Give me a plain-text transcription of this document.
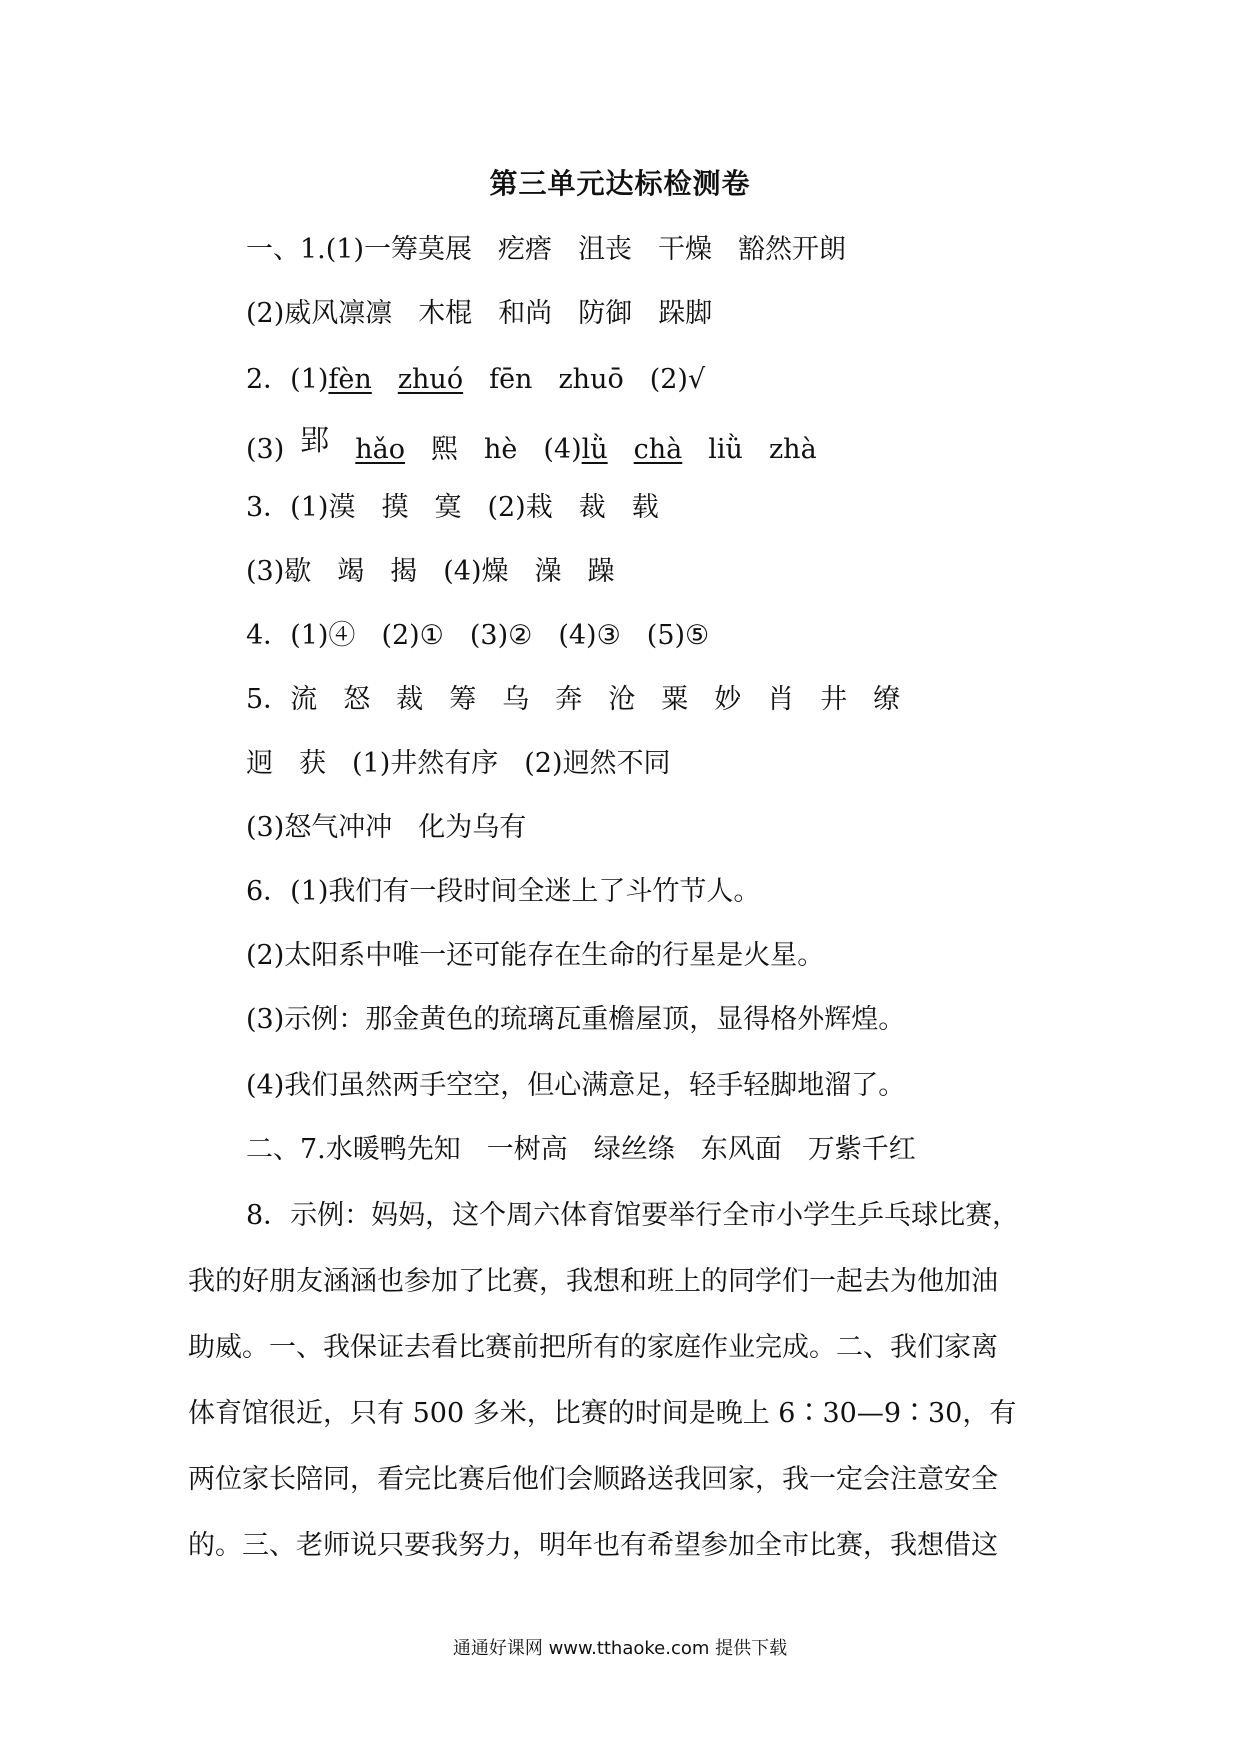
第三单元达标检测卷
一、1.(1)一筹莫展 疙瘩 沮丧 干燥 豁然开朗
(2)威风凛凛 木棍 和尚 防御 跺脚
2．(1)fèn zhuó fēn zhuō (2)√
(3) 郢 hǎo 熙 hè (4)lǜ chà liǜ zhà
3．(1)漠 摸 寞 (2)栽 裁 载
(3)歇 竭 揭 (4)燥 澡 躁
4．(1)④ (2)① (3)② (4)③ (5)⑤
5．流 怒 裁 筹 乌 奔 沧 粟 妙 肖 井 缭
迥 获 (1)井然有序 (2)迥然不同
(3)怒气冲冲 化为乌有
6．(1)我们有一段时间全迷上了斗竹节人。
(2)太阳系中唯一还可能存在生命的行星是火星。
(3)示例：那金黄色的琉璃瓦重檐屋顶，显得格外辉煌。
(4)我们虽然两手空空，但心满意足，轻手轻脚地溜了。
二、7.水暖鸭先知 一树高 绿丝绦 东风面 万紫千红
8．示例：妈妈，这个周六体育馆要举行全市小学生乒乓球比赛，
我的好朋友涵涵也参加了比赛，我想和班上的同学们一起去为他加油
助威。一、我保证去看比赛前把所有的家庭作业完成。二、我们家离
体育馆很近，只有 500 多米，比赛的时间是晚上 6∶30—9∶30，有
两位家长陪同，看完比赛后他们会顺路送我回家，我一定会注意安全
的。三、老师说只要我努力，明年也有希望参加全市比赛，我想借这
通通好课网 www.tthaoke.com 提供下载
